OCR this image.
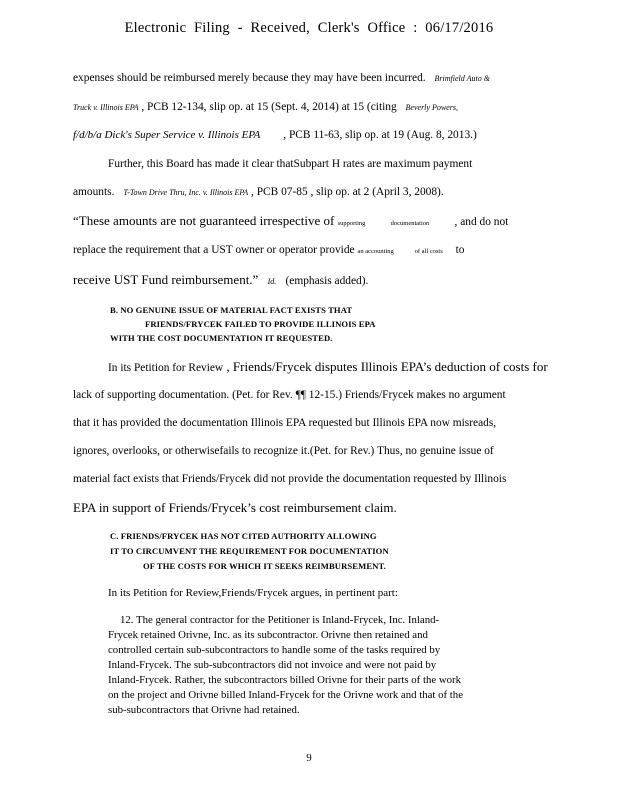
Electronic Filing - Received, Clerk's Office : 06/17/2016
expenses should be reimbursed merely because they may have been incurred. Brimfield Auto &
Truck v. Illinois EPA , PCB 12-134, slip op. at 15 (Sept. 4, 2014) at 15 (citing Beverly Powers,
f/d/b/a Dick's Super Service v. Illinois EPA , PCB 11-63, slip op. at 19 (Aug. 8, 2013.)
Further, this Board has made it clear thatSubpart H rates are maximum payment
amounts. T-Town Drive Thru, Inc. v. Illinois EPA , PCB 07-85 , slip op. at 2 (April 3, 2008).
“These amounts are not guaranteed irrespective of supporting	documentation , and do not
replace the requirement that a UST owner or operator provide an accounting	of all costs to
receive UST Fund reimbursement.” Id. (emphasis added).
B. NO GENUINE ISSUE OF MATERIAL FACT EXISTS THAT
FRIENDS/FRYCEK FAILED TO PROVIDE ILLINOIS EPA
WITH THE COST DOCUMENTATION IT REQUESTED.
In its Petition for Review , Friends/Frycek disputes Illinois EPA’s deduction of costs for
lack of supporting documentation. (Pet. for Rev. ¶¶ 12-15.) Friends/Frycek makes no argument
that it has provided the documentation Illinois EPA requested but Illinois EPA now misreads,
ignores, overlooks, or otherwisefails to recognize it.(Pet. for Rev.) Thus, no genuine issue of
material fact exists that Friends/Frycek did not provide the documentation requested by Illinois
EPA in support of Friends/Frycek’s cost reimbursement claim.
C. FRIENDS/FRYCEK HAS NOT CITED AUTHORITY ALLOWING
IT TO CIRCUMVENT THE REQUIREMENT FOR DOCUMENTATION
OF THE COSTS FOR WHICH IT SEEKS REIMBURSEMENT.
In its Petition for Review,Friends/Frycek argues, in pertinent part:
12. The general contractor for the Petitioner is Inland-Frycek, Inc. Inland-
Frycek retained Orivne, Inc. as its subcontractor. Orivne then retained and
controlled certain sub-subcontractors to handle some of the tasks required by
Inland-Frycek. The sub-subcontractors did not invoice and were not paid by
Inland-Frycek. Rather, the subcontractors billed Orivne for their parts of the work
on the project and Orivne billed Inland-Frycek for the Orivne work and that of the
sub-subcontractors that Orivne had retained.
9
